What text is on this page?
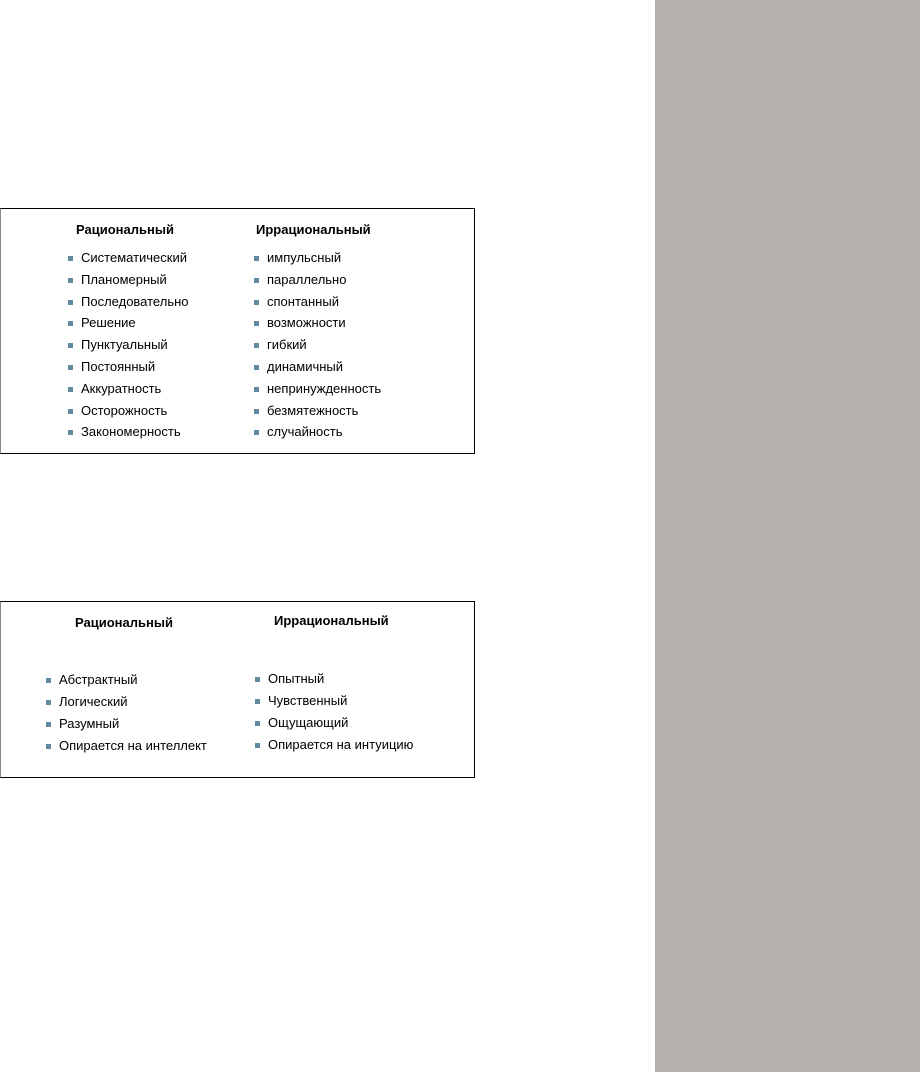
Рациональный	Иррациональный
Систематический
Планомерный
Последовательно
Решение
Пунктуальный
Постоянный
Аккуратность
Осторожность
Закономерность
импульсный
параллельно
спонтанный
возможности
гибкий
динамичный
непринужденность
безмятежность
случайность
Рациональный	Иррациональный
Абстрактный
Логический
Разумный
Опирается на интеллект
Опытный
Чувственный
Ощущающий
Опирается на интуицию
